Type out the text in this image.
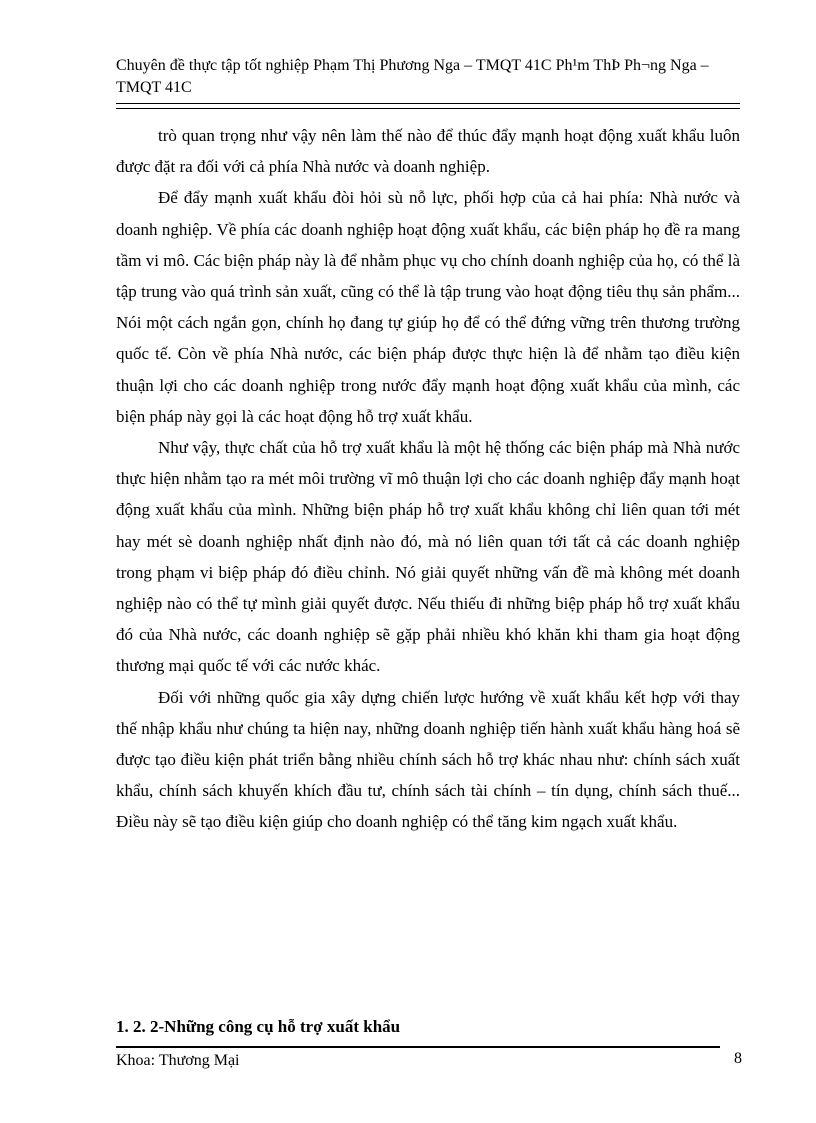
Chuyên đề thực tập tốt nghiệp Phạm Thị Phương Nga – TMQT 41C Ph¹m ThÞ Ph¬ng Nga – TMQT 41C

trò quan trọng như vậy nên làm thế nào để thúc đẩy mạnh hoạt động xuất khẩu luôn được đặt ra đối với cả phía Nhà nước và doanh nghiệp.

Để đẩy mạnh xuất khẩu đòi hỏi sù nỗ lực, phối hợp của cả hai phía: Nhà nước và doanh nghiệp. Về phía các doanh nghiệp hoạt động xuất khẩu, các biện pháp họ đề ra mang tầm vi mô. Các biện pháp này là để nhằm phục vụ cho chính doanh nghiệp của họ, có thể là tập trung vào quá trình sản xuất, cũng có thể là tập trung vào hoạt động tiêu thụ sản phẩm... Nói một cách ngắn gọn, chính họ đang tự giúp họ để có thể đứng vững trên thương trường quốc tế. Còn về phía Nhà nước, các biện pháp được thực hiện là để nhằm tạo điều kiện thuận lợi cho các doanh nghiệp trong nước đẩy mạnh hoạt động xuất khẩu của mình, các biện pháp này gọi là các hoạt động hỗ trợ xuất khẩu.

Như vậy, thực chất của hỗ trợ xuất khẩu là một hệ thống các biện pháp mà Nhà nước thực hiện nhằm tạo ra mét môi trường vĩ mô thuận lợi cho các doanh nghiệp đẩy mạnh hoạt động xuất khẩu của mình. Những biện pháp hỗ trợ xuất khẩu không chỉ liên quan tới mét hay mét sè doanh nghiệp nhất định nào đó, mà nó liên quan tới tất cả các doanh nghiệp trong phạm vi biệp pháp đó điều chỉnh. Nó giải quyết những vấn đề mà không mét doanh nghiệp nào có thể tự mình giải quyết được. Nếu thiếu đi những biệp pháp hỗ trợ xuất khẩu đó của Nhà nước, các doanh nghiệp sẽ gặp phải nhiều khó khăn khi tham gia hoạt động thương mại quốc tế với các nước khác.

Đối với những quốc gia xây dựng chiến lược hướng về xuất khẩu kết hợp với thay thế nhập khẩu như chúng ta hiện nay, những doanh nghiệp tiến hành xuất khẩu hàng hoá sẽ được tạo điều kiện phát triển bằng nhiều chính sách hỗ trợ khác nhau như: chính sách xuất khẩu, chính sách khuyến khích đầu tư, chính sách tài chính – tín dụng, chính sách thuế... Điều này sẽ tạo điều kiện giúp cho doanh nghiệp có thể tăng kim ngạch xuất khẩu.

1. 2. 2-Những công cụ hỗ trợ xuất khẩu
Khoa: Thương Mại	8
